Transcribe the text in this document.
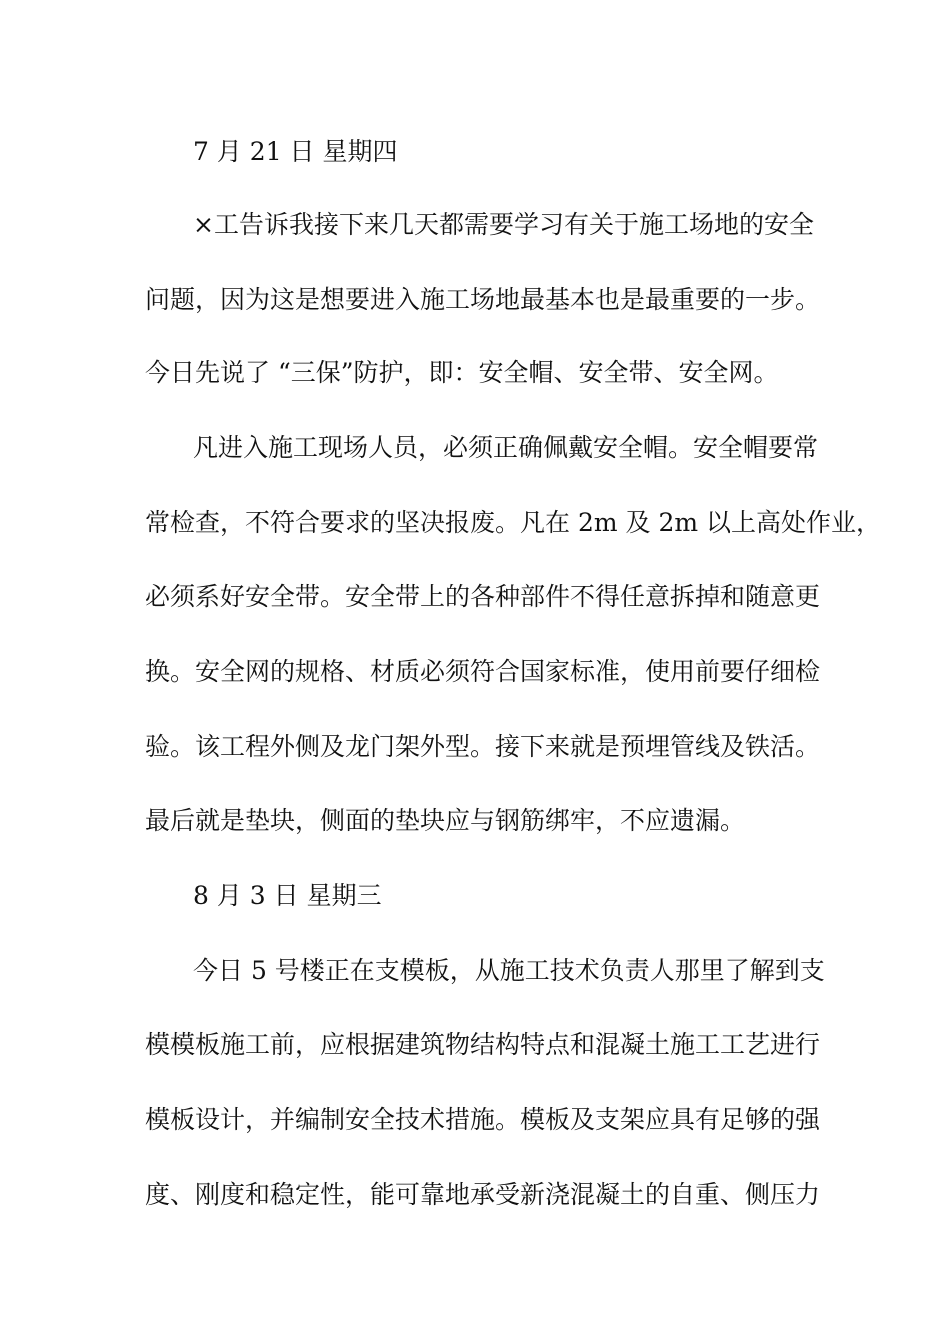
7 月 21 日 星期四
×工告诉我接下来几天都需要学习有关于施工场地的安全
问题，因为这是想要进入施工场地最基本也是最重要的一步。
今日先说了 “三保”防护，即：安全帽、安全带、安全网。
凡进入施工现场人员，必须正确佩戴安全帽。安全帽要常
常检查，不符合要求的坚决报废。凡在 2m 及 2m 以上高处作业，
必须系好安全带。安全带上的各种部件不得任意拆掉和随意更
换。安全网的规格、材质必须符合国家标准，使用前要仔细检
验。该工程外侧及龙门架外型。接下来就是预埋管线及铁活。
最后就是垫块，侧面的垫块应与钢筋绑牢，不应遗漏。
8 月 3 日 星期三
今日 5 号楼正在支模板，从施工技术负责人那里了解到支
模模板施工前，应根据建筑物结构特点和混凝土施工工艺进行
模板设计，并编制安全技术措施。模板及支架应具有足够的强
度、刚度和稳定性，能可靠地承受新浇混凝土的自重、侧压力
